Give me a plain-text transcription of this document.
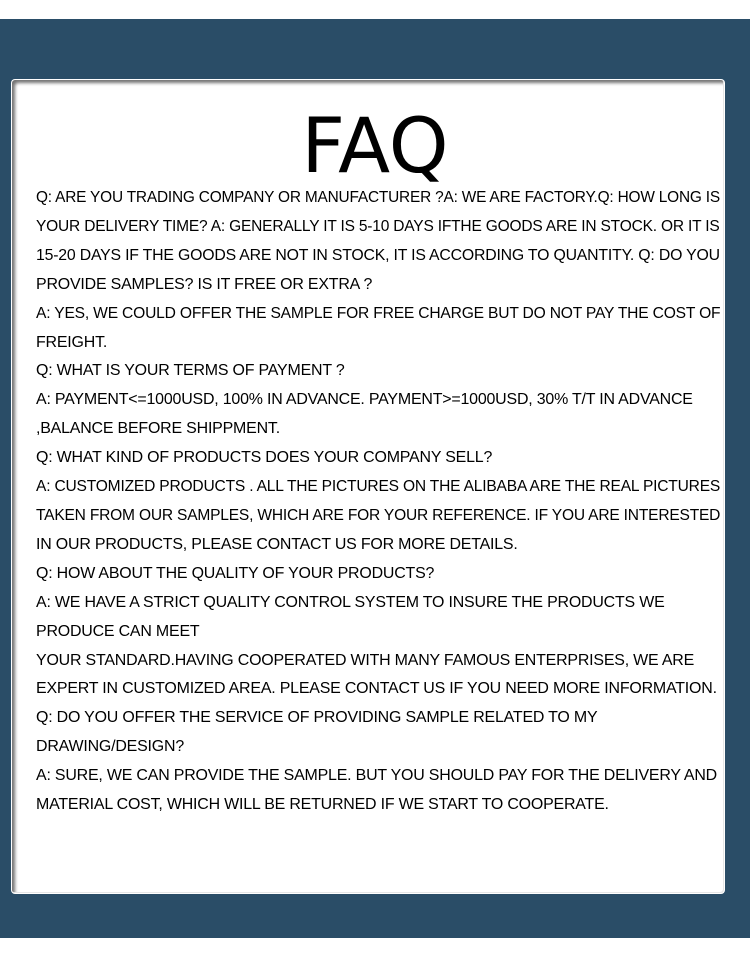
FAQ
Q: ARE YOU TRADING COMPANY OR MANUFACTURER ?A: WE ARE FACTORY.Q: HOW LONG IS
YOUR DELIVERY TIME? A: GENERALLY IT IS 5-10 DAYS IFTHE GOODS ARE IN STOCK. OR IT IS
15-20 DAYS IF THE GOODS ARE NOT IN STOCK, IT IS ACCORDING TO QUANTITY. Q: DO YOU
PROVIDE SAMPLES? IS IT FREE OR EXTRA ?
A: YES, WE COULD OFFER THE SAMPLE FOR FREE CHARGE BUT DO NOT PAY THE COST OF
FREIGHT.
Q: WHAT IS YOUR TERMS OF PAYMENT ?
A: PAYMENT<=1000USD, 100% IN ADVANCE. PAYMENT>=1000USD, 30% T/T IN ADVANCE
,BALANCE BEFORE SHIPPMENT.
Q: WHAT KIND OF PRODUCTS DOES YOUR COMPANY SELL?
A: CUSTOMIZED PRODUCTS . ALL THE PICTURES ON THE ALIBABA ARE THE REAL PICTURES
TAKEN FROM OUR SAMPLES, WHICH ARE FOR YOUR REFERENCE. IF YOU ARE INTERESTED
IN OUR PRODUCTS, PLEASE CONTACT US FOR MORE DETAILS.
Q: HOW ABOUT THE QUALITY OF YOUR PRODUCTS?
A: WE HAVE A STRICT QUALITY CONTROL SYSTEM TO INSURE THE PRODUCTS WE
PRODUCE CAN MEET
YOUR STANDARD.HAVING COOPERATED WITH MANY FAMOUS ENTERPRISES, WE ARE
EXPERT IN CUSTOMIZED AREA. PLEASE CONTACT US IF YOU NEED MORE INFORMATION.
Q: DO YOU OFFER THE SERVICE OF PROVIDING SAMPLE RELATED TO MY
DRAWING/DESIGN?
A: SURE, WE CAN PROVIDE THE SAMPLE. BUT YOU SHOULD PAY FOR THE DELIVERY AND
MATERIAL COST, WHICH WILL BE RETURNED IF WE START TO COOPERATE.
